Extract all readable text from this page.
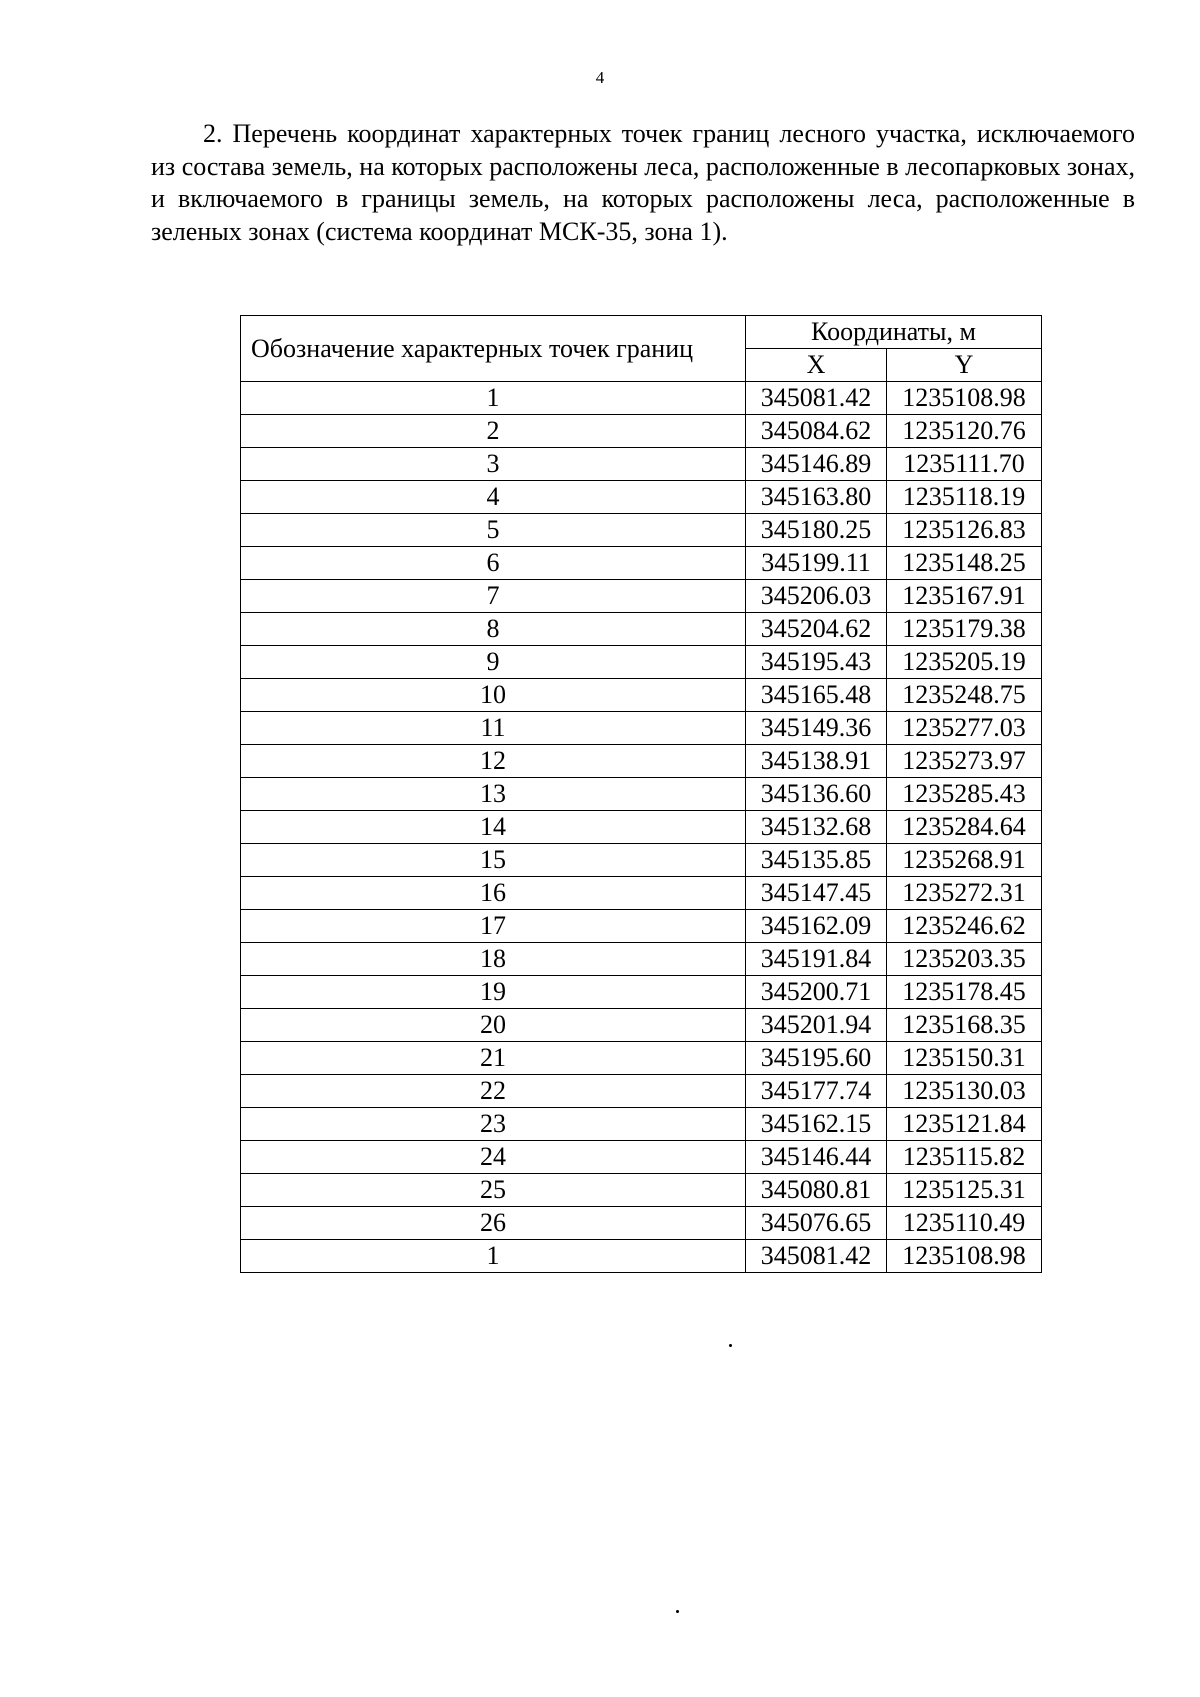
4

2. Перечень координат характерных точек границ лесного участка, исключаемого из состава земель, на которых расположены леса, расположенные в лесопарковых зонах, и включаемого в границы земель, на которых расположены леса, расположенные в зеленых зонах (система координат МСК-35, зона 1).

Обозначение характерных точек границ	Координаты, м	
	X	Y
1	345081.42	1235108.98
2	345084.62	1235120.76
3	345146.89	1235111.70
4	345163.80	1235118.19
5	345180.25	1235126.83
6	345199.11	1235148.25
7	345206.03	1235167.91
8	345204.62	1235179.38
9	345195.43	1235205.19
10	345165.48	1235248.75
11	345149.36	1235277.03
12	345138.91	1235273.97
13	345136.60	1235285.43
14	345132.68	1235284.64
15	345135.85	1235268.91
16	345147.45	1235272.31
17	345162.09	1235246.62
18	345191.84	1235203.35
19	345200.71	1235178.45
20	345201.94	1235168.35
21	345195.60	1235150.31
22	345177.74	1235130.03
23	345162.15	1235121.84
24	345146.44	1235115.82
25	345080.81	1235125.31
26	345076.65	1235110.49
1	345081.42	1235108.98
